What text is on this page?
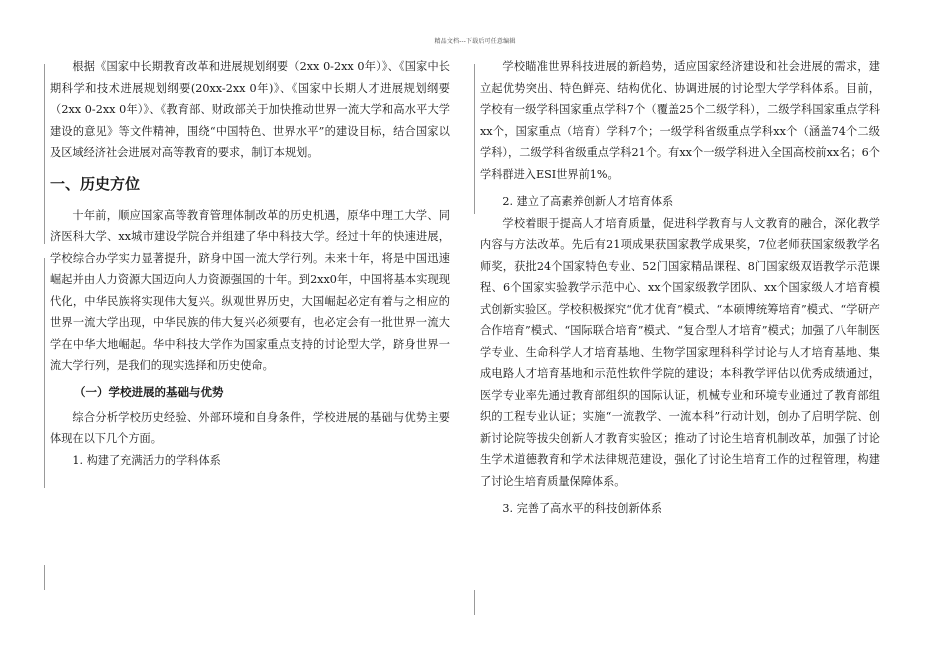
精品文档---下载后可任意编辑

根据《国家中长期教育改革和进展规划纲要（2xx 0-2xx 0年）》、《国家中长期科学和技术进展规划纲要(20xx-2xx 0年)》、《国家中长期人才进展规划纲要（2xx 0-2xx 0年）》、《教育部、财政部关于加快推动世界一流大学和高水平大学建设的意见》等文件精神，围绕“中国特色、世界水平”的建设目标，结合国家以及区域经济社会进展对高等教育的要求，制订本规划。

一、历史方位

十年前，顺应国家高等教育管理体制改革的历史机遇，原华中理工大学、同济医科大学、xx城市建设学院合并组建了华中科技大学。经过十年的快速进展，学校综合办学实力显著提升，跻身中国一流大学行列。未来十年，将是中国迅速崛起并由人力资源大国迈向人力资源强国的十年。到2xx0年，中国将基本实现现代化，中华民族将实现伟大复兴。纵观世界历史，大国崛起必定有着与之相应的世界一流大学出现，中华民族的伟大复兴必须要有，也必定会有一批世界一流大学在中华大地崛起。华中科技大学作为国家重点支持的讨论型大学，跻身世界一流大学行列，是我们的现实选择和历史使命。

（一）学校进展的基础与优势

综合分析学校历史经验、外部环境和自身条件，学校进展的基础与优势主要体现在以下几个方面。

1. 构建了充满活力的学科体系

学校瞄准世界科技进展的新趋势，适应国家经济建设和社会进展的需求，建立起优势突出、特色鲜亮、结构优化、协调进展的讨论型大学学科体系。目前，学校有一级学科国家重点学科7个（覆盖25个二级学科），二级学科国家重点学科xx个，国家重点（培育）学科7个；一级学科省级重点学科xx个（涵盖74个二级学科），二级学科省级重点学科21个。有xx个一级学科进入全国高校前xx名；6个学科群进入ESI世界前1%。

2. 建立了高素养创新人才培育体系

学校着眼于提高人才培育质量，促进科学教育与人文教育的融合，深化教学内容与方法改革。先后有21项成果获国家教学成果奖，7位老师获国家级教学名师奖，获批24个国家特色专业、52门国家精品课程、8门国家级双语教学示范课程、6个国家实验教学示范中心、xx个国家级教学团队、xx个国家级人才培育模式创新实验区。学校积极探究“优才优育”模式、“本硕博统筹培育”模式、“学研产合作培育”模式、“国际联合培育”模式、“复合型人才培育”模式；加强了八年制医学专业、生命科学人才培育基地、生物学国家理科科学讨论与人才培育基地、集成电路人才培育基地和示范性软件学院的建设；本科教学评估以优秀成绩通过，医学专业率先通过教育部组织的国际认证，机械专业和环境专业通过了教育部组织的工程专业认证；实施“一流教学、一流本科”行动计划，创办了启明学院、创新讨论院等拔尖创新人才教育实验区；推动了讨论生培育机制改革，加强了讨论生学术道德教育和学术法律规范建设，强化了讨论生培育工作的过程管理，构建了讨论生培育质量保障体系。

3. 完善了高水平的科技创新体系
